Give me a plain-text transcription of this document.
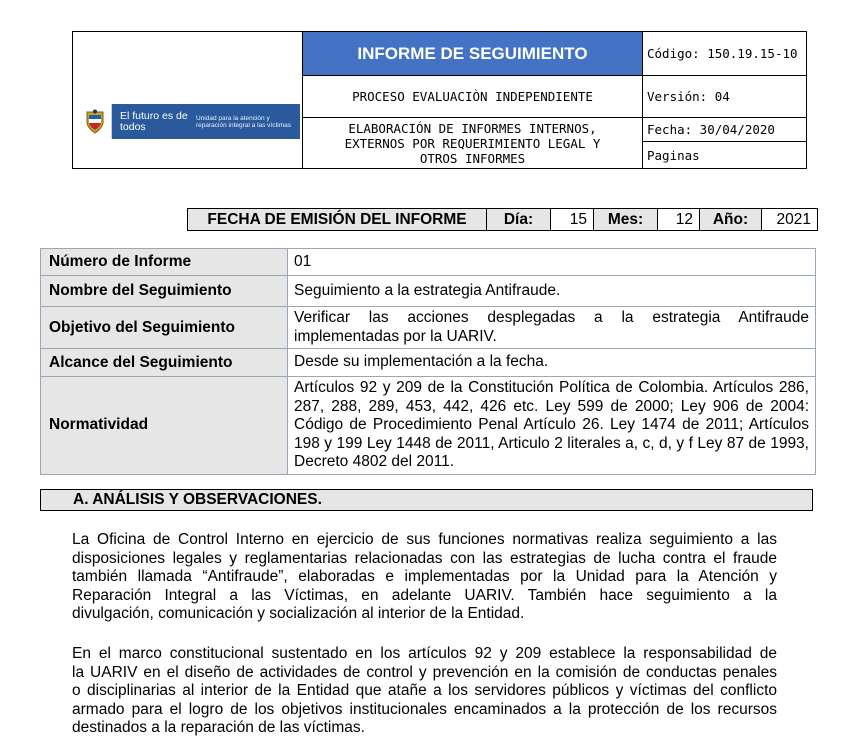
El futuro es de todos
Unidad para la atención y reparación integral a las víctimas	INFORME DE SEGUIMIENTO	Código: 150.19.15-10
	PROCESO EVALUACIÒN INDEPENDIENTE	Versión: 04

	ELABORACIÓN DE INFORMES INTERNOS,
EXTERNOS POR REQUERIMIENTO LEGAL Y
OTROS INFORMES	Fecha: 30/04/2020
		Paginas
FECHA DE EMISIÓN DEL INFORME	Día:	15	Mes:	12	Año:	2021
Número de Informe	01
Nombre del Seguimiento	Seguimiento a la estrategia Antifraude.
Objetivo del Seguimiento	Verificar las acciones desplegadas a la estrategia Antifraude implementadas por la UARIV.
Alcance del Seguimiento	Desde su implementación a la fecha.
Normatividad	Artículos 92 y 209 de la Constitución Política de Colombia. Artículos 286, 287, 288, 289, 453, 442, 426 etc. Ley 599 de 2000; Ley 906 de 2004: Código de Procedimiento Penal Artículo 26. Ley 1474 de 2011; Artículos 198 y 199 Ley 1448 de 2011, Articulo 2 literales a, c, d, y f Ley 87 de 1993, Decreto 4802 del 2011.
A. ANÁLISIS Y OBSERVACIONES.
La Oficina de Control Interno en ejercicio de sus funciones normativas realiza seguimiento a las
disposiciones legales y reglamentarias relacionadas con las estrategias de lucha contra el fraude
también llamada “Antifraude”, elaboradas e implementadas por la Unidad para la Atención y
Reparación Integral a las Víctimas, en adelante UARIV. También hace seguimiento a la
divulgación, comunicación y socialización al interior de la Entidad.
En el marco constitucional sustentado en los artículos 92 y 209 establece la responsabilidad de
la UARIV en el diseño de actividades de control y prevención en la comisión de conductas penales
o disciplinarias al interior de la Entidad que atañe a los servidores públicos y víctimas del conflicto
armado para el logro de los objetivos institucionales encaminados a la protección de los recursos
destinados a la reparación de las víctimas.
